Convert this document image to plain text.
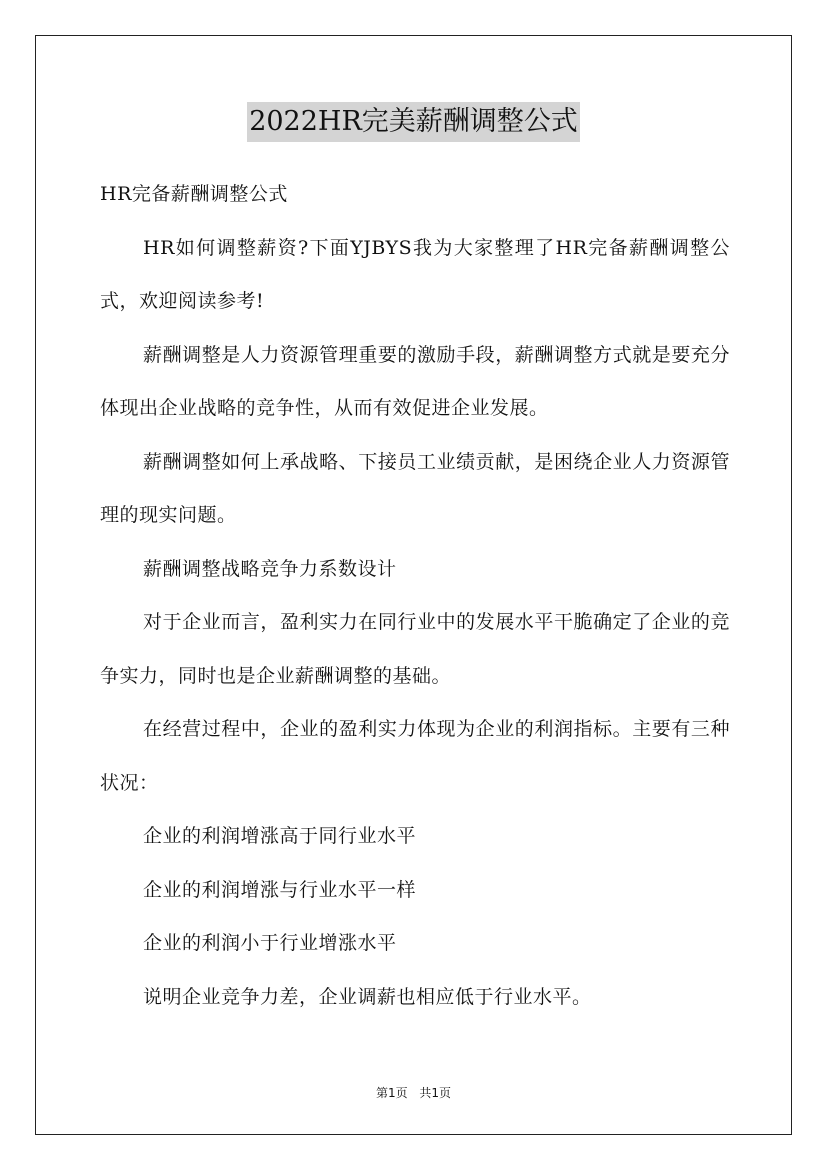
2022HR完美薪酬调整公式

HR完备薪酬调整公式

HR如何调整薪资?下面YJBYS我为大家整理了HR完备薪酬调整公式，欢迎阅读参考!

薪酬调整是人力资源管理重要的激励手段，薪酬调整方式就是要充分体现出企业战略的竞争性，从而有效促进企业发展。

薪酬调整如何上承战略、下接员工业绩贡献，是困绕企业人力资源管理的现实问题。

薪酬调整战略竞争力系数设计

对于企业而言，盈利实力在同行业中的发展水平干脆确定了企业的竞争实力，同时也是企业薪酬调整的基础。

在经营过程中，企业的盈利实力体现为企业的利润指标。主要有三种状况：

企业的利润增涨高于同行业水平

企业的利润增涨与行业水平一样

企业的利润小于行业增涨水平

说明企业竞争力差，企业调薪也相应低于行业水平。

第1页 共1页
